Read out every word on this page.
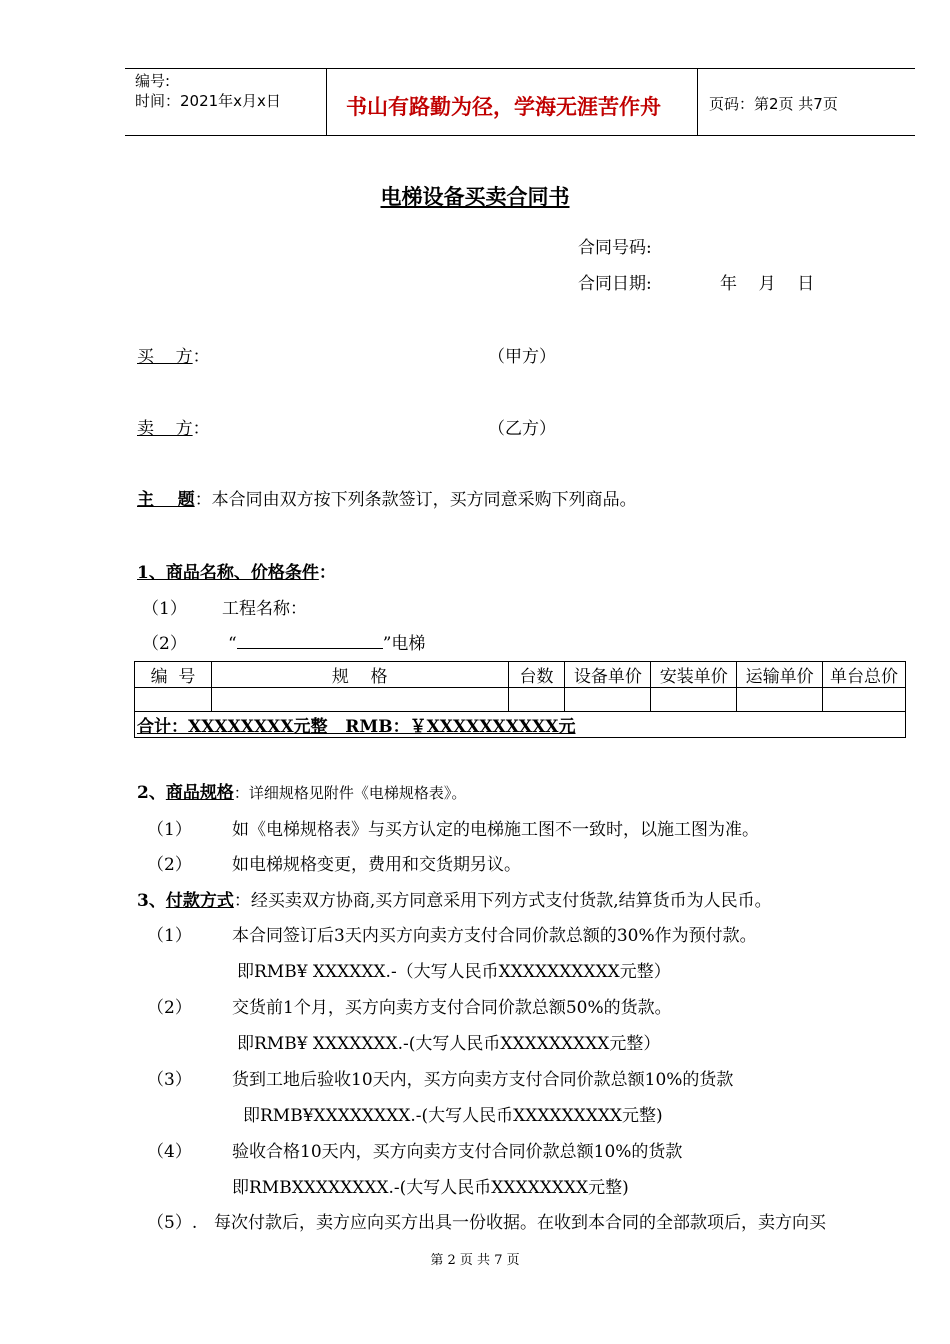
编号:
时间：2021年x月x日	书山有路勤为径，学海无涯苦作舟	页码：第2页 共7页
电梯设备买卖合同书
合同号码:
合同日期:	年    月    日
买    方：	（甲方）
卖    方：	（乙方）
主    题：本合同由双方按下列条款签订，买方同意采购下列商品。
1、商品名称、价格条件：
（1） 工程名称：
（2） “	”电梯
编  号	规    格	台数	设备单价	安装单价	运输单价	单台总价

合计：XXXXXXXX元整   RMB：￥XXXXXXXXXX元						
2、商品规格：详细规格见附件《电梯规格表》。
（1） 如《电梯规格表》与买方认定的电梯施工图不一致时，以施工图为准。
（2） 如电梯规格变更，费用和交货期另议。
3、付款方式：经买卖双方协商,买方同意采用下列方式支付货款,结算货币为人民币。
（1） 本合同签订后3天内买方向卖方支付合同价款总额的30%作为预付款。
即RMB¥ XXXXXX.-（大写人民币XXXXXXXXXX元整）
（2） 交货前1个月，买方向卖方支付合同价款总额50%的货款。
即RMB¥ XXXXXXX.-(大写人民币XXXXXXXXX元整）
（3） 货到工地后验收10天内，买方向卖方支付合同价款总额10%的货款
即RMB¥XXXXXXXX.-(大写人民币XXXXXXXXX元整)
（4） 验收合格10天内，买方向卖方支付合同价款总额10%的货款
即RMBXXXXXXXX.-(大写人民币XXXXXXXX元整)
（5）. 每次付款后，卖方应向买方出具一份收据。在收到本合同的全部款项后，卖方向买
第 2 页 共 7 页
